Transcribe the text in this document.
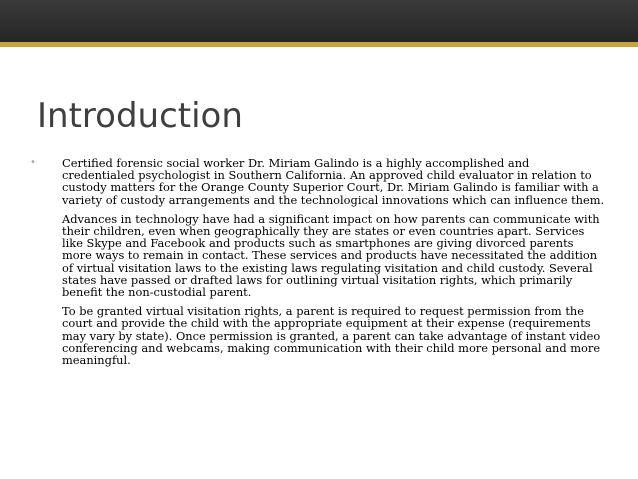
Introduction
•	Certified forensic social worker Dr. Miriam Galindo is a highly accomplished and credentialed psychologist in Southern California. An approved child evaluator in relation to custody matters for the Orange County Superior Court, Dr. Miriam Galindo is familiar with a variety of custody arrangements and the technological innovations which can influence them.

Advances in technology have had a significant impact on how parents can communicate with their children, even when geographically they are states or even countries apart. Services like Skype and Facebook and products such as smartphones are giving divorced parents more ways to remain in contact. These services and products have necessitated the addition of virtual visitation laws to the existing laws regulating visitation and child custody. Several states have passed or drafted laws for outlining virtual visitation rights, which primarily benefit the non-custodial parent.

To be granted virtual visitation rights, a parent is required to request permission from the court and provide the child with the appropriate equipment at their expense (requirements may vary by state). Once permission is granted, a parent can take advantage of instant video conferencing and webcams, making communication with their child more personal and more meaningful.
